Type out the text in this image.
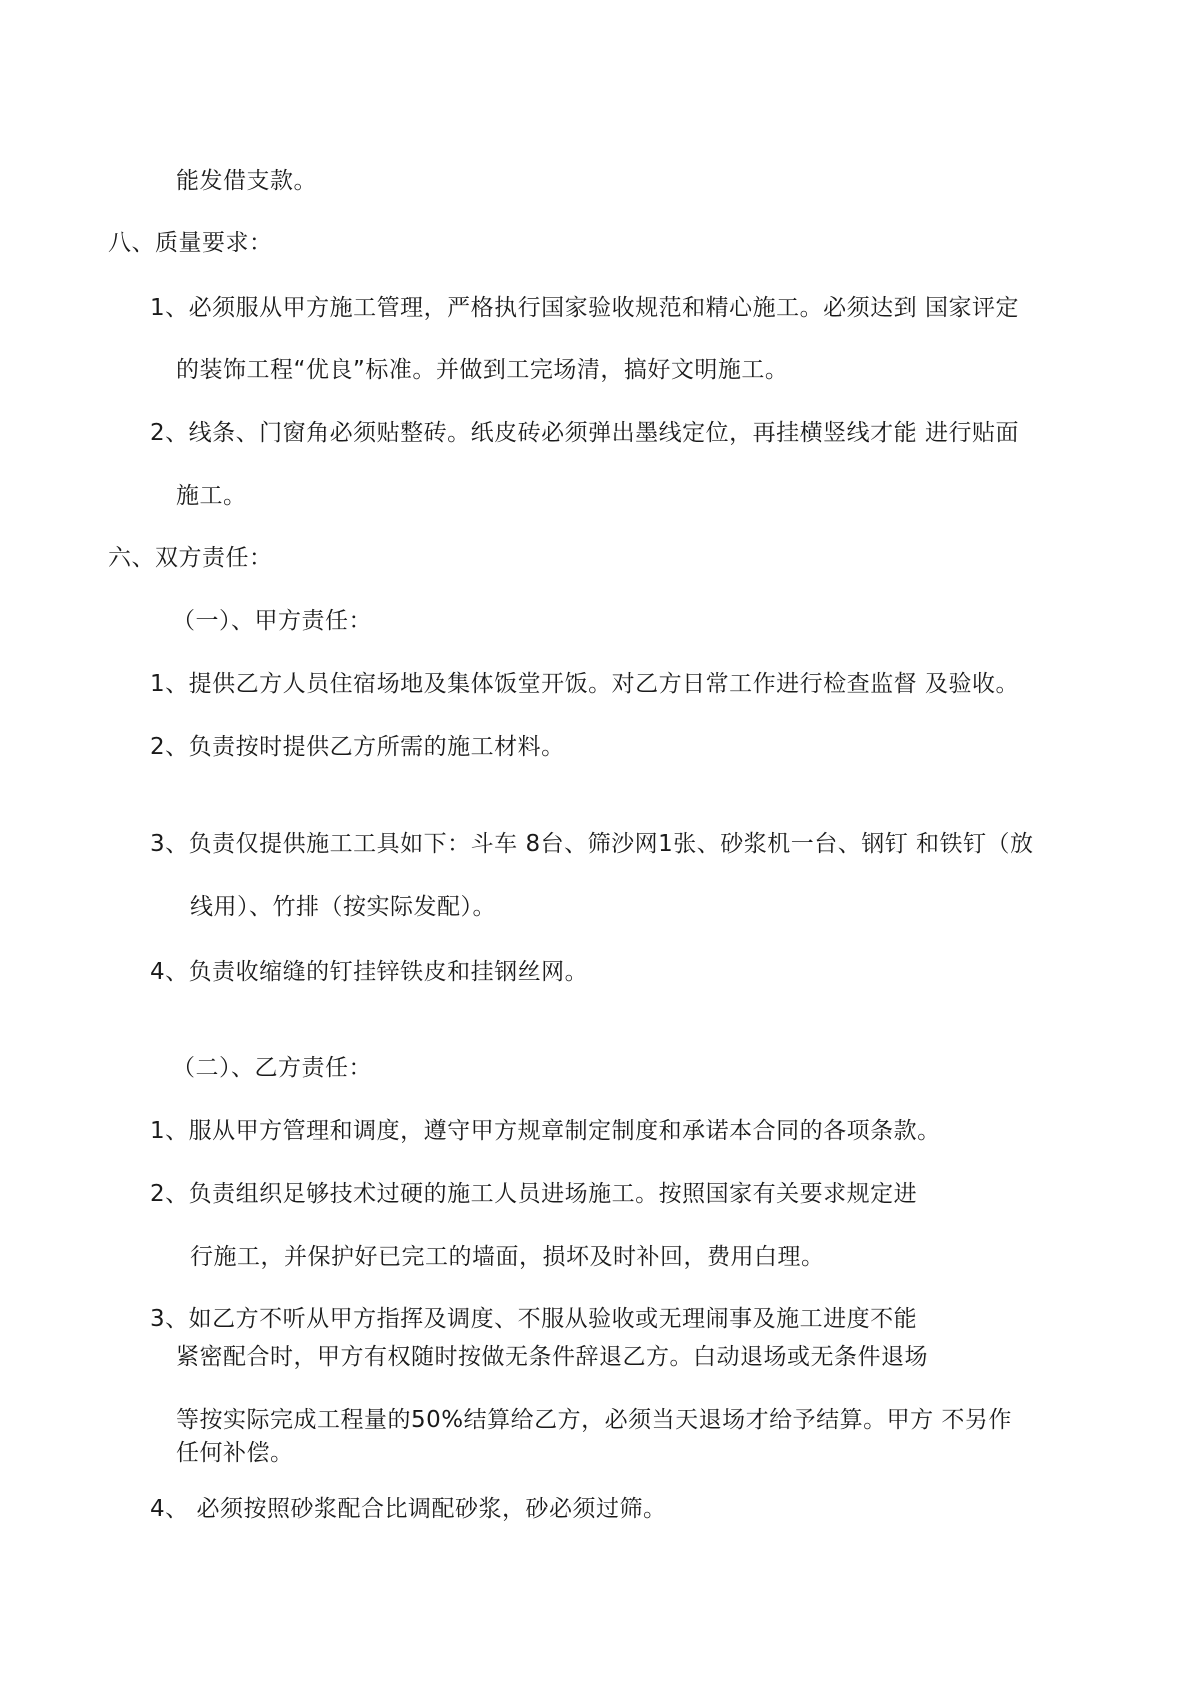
能发借支款。
八、质量要求：
1、必须服从甲方施工管理，严格执行国家验收规范和精心施工。必须达到 国家评定
的装饰工程“优良”标准。并做到工完场清，搞好文明施工。
2、线条、门窗角必须贴整砖。纸皮砖必须弹出墨线定位，再挂横竖线才能 进行贴面
施工。
六、双方责任：
（一）、甲方责任：
1、提供乙方人员住宿场地及集体饭堂开饭。对乙方日常工作进行检查监督 及验收。
2、负责按时提供乙方所需的施工材料。
3、负责仅提供施工工具如下：斗车 8台、筛沙网1张、砂浆机一台、钢钉 和铁钉（放
线用）、竹排（按实际发配）。
4、负责收缩缝的钉挂锌铁皮和挂钢丝网。
（二）、乙方责任：
1、服从甲方管理和调度，遵守甲方规章制定制度和承诺本合同的各项条款。
2、负责组织足够技术过硬的施工人员进场施工。按照国家有关要求规定进
行施工，并保护好已完工的墙面，损坏及时补回，费用白理。
3、如乙方不听从甲方指挥及调度、不服从验收或无理闹事及施工进度不能
紧密配合时，甲方有权随时按做无条件辞退乙方。白动退场或无条件退场
等按实际完成工程量的50%结算给乙方，必须当天退场才给予结算。甲方 不另作
任何补偿。
4、 必须按照砂浆配合比调配砂浆，砂必须过筛。
